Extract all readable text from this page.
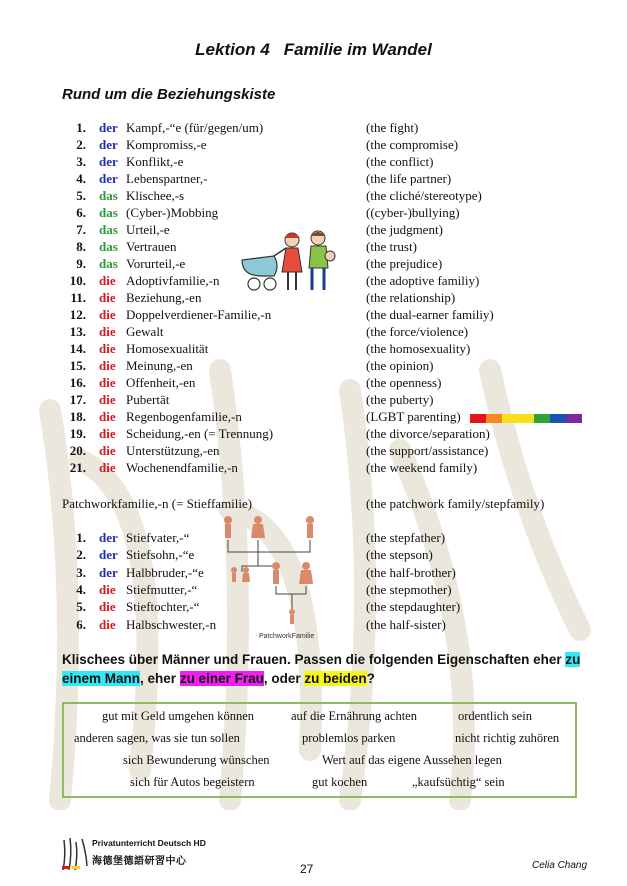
Lektion 4 Familie im Wandel
Rund um die Beziehungskiste
1. der Kampf,-“e (für/gegen/um)	(the fight)
2. der Kompromiss,-e	(the compromise)
3. der Konflikt,-e	(the conflict)
4. der Lebenspartner,-	(the life partner)
5. das Klischee,-s	(the cliché/stereotype)
6. das (Cyber-)Mobbing	((cyber-)bullying)
7. das Urteil,-e	(the judgment)
8. das Vertrauen	(the trust)
9. das Vorurteil,-e	(the prejudice)
10. die Adoptivfamilie,-n	(the adoptive familiy)
11. die Beziehung,-en	(the relationship)
12. die Doppelverdiener-Familie,-n	(the dual-earner familiy)
13. die Gewalt	(the force/violence)
14. die Homosexualität	(the homosexuality)
15. die Meinung,-en	(the opinion)
16. die Offenheit,-en	(the openness)
17. die Pubertät	(the puberty)
18. die Regenbogenfamilie,-n	(LGBT parenting)
19. die Scheidung,-en (= Trennung)	(the divorce/separation)
20. die Unterstützung,-en	(the support/assistance)
21. die Wochenendfamilie,-n	(the weekend family)
Patchworkfamilie,-n (= Stieffamilie)	(the patchwork family/stepfamily)
1. der Stiefvater,-“	(the stepfather)
2. der Stiefsohn,-“e	(the stepson)
3. der Halbbruder,-“e	(the half-brother)
4. die Stiefmutter,-“	(the stepmother)
5. die Stieftochter,-“	(the stepdaughter)
6. die Halbschwester,-n	(the half-sister)
PatchworkFamilie
Klischees über Männer und Frauen. Passen die folgenden Eigenschaften eher zu einem Mann, eher zu einer Frau, oder zu beiden?
gut mit Geld umgehen können	auf die Ernährung achten	ordentlich sein
anderen sagen, was sie tun sollen	problemlos parken	nicht richtig zuhören
sich Bewunderung wünschen	Wert auf das eigene Aussehen legen
sich für Autos begeistern	gut kochen	„kaufsüchtig“ sein
Privatunterricht Deutsch HD
海德堡德語研習中心
27	Celia Chang
